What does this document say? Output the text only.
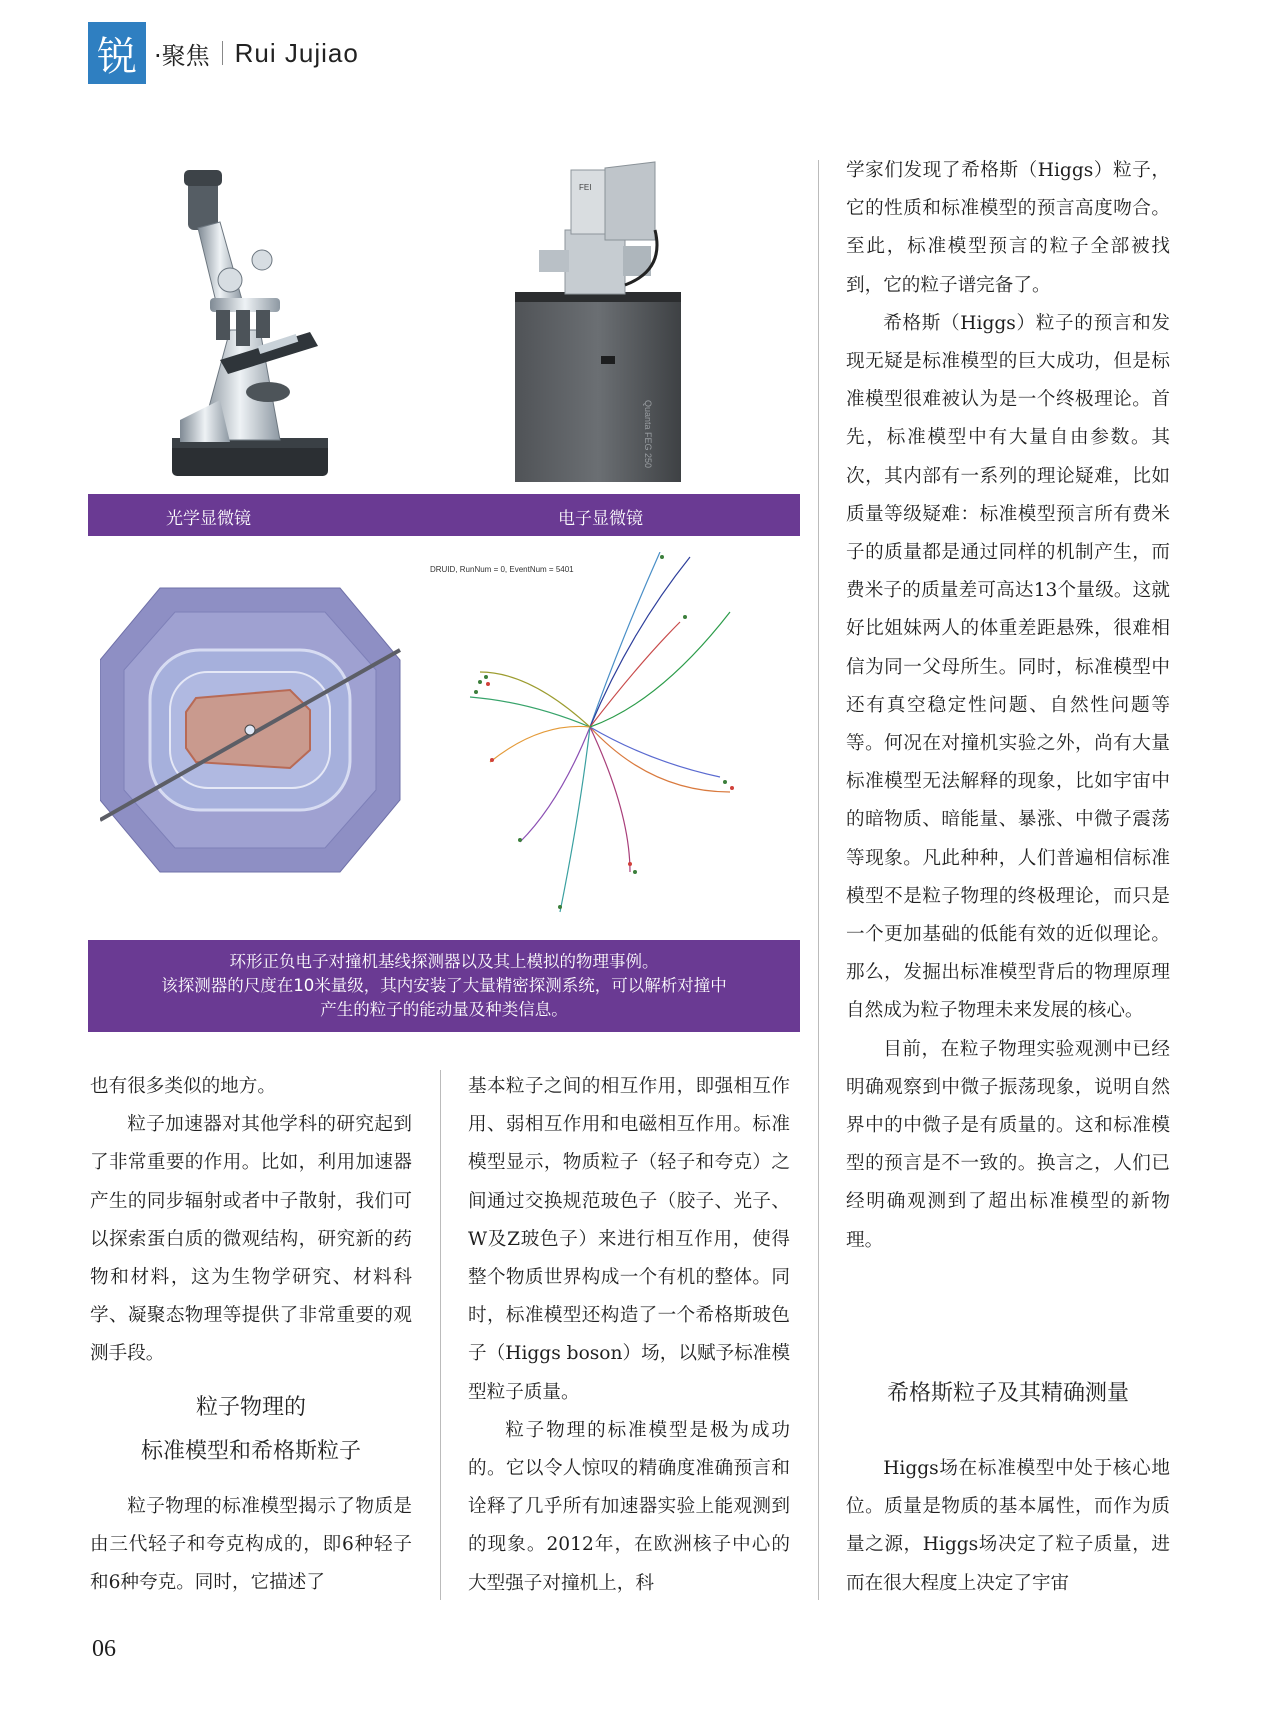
锐 ·聚焦 Rui Jujiao
Quanta FEG 250
FEI
光学显微镜	电子显微镜
DRUID, RunNum = 0, EventNum = 5401
环形正负电子对撞机基线探测器以及其上模拟的物理事例。
该探测器的尺度在10米量级，其内安装了大量精密探测系统，可以解析对撞中
产生的粒子的能动量及种类信息。

也有很多类似的地方。

粒子加速器对其他学科的研究起到了非常重要的作用。比如，利用加速器产生的同步辐射或者中子散射，我们可以探索蛋白质的微观结构，研究新的药物和材料，这为生物学研究、材料科学、凝聚态物理等提供了非常重要的观测手段。

粒子物理的
标准模型和希格斯粒子

粒子物理的标准模型揭示了物质是由三代轻子和夸克构成的，即6种轻子和6种夸克。同时，它描述了

基本粒子之间的相互作用，即强相互作用、弱相互作用和电磁相互作用。标准模型显示，物质粒子（轻子和夸克）之间通过交换规范玻色子（胶子、光子、W及Z玻色子）来进行相互作用，使得整个物质世界构成一个有机的整体。同时，标准模型还构造了一个希格斯玻色子（Higgs boson）场，以赋予标准模型粒子质量。

粒子物理的标准模型是极为成功的。它以令人惊叹的精确度准确预言和诠释了几乎所有加速器实验上能观测到的现象。2012年，在欧洲核子中心的大型强子对撞机上，科

学家们发现了希格斯（Higgs）粒子，它的性质和标准模型的预言高度吻合。至此，标准模型预言的粒子全部被找到，它的粒子谱完备了。

希格斯（Higgs）粒子的预言和发现无疑是标准模型的巨大成功，但是标准模型很难被认为是一个终极理论。首先，标准模型中有大量自由参数。其次，其内部有一系列的理论疑难，比如质量等级疑难：标准模型预言所有费米子的质量都是通过同样的机制产生，而费米子的质量差可高达13个量级。这就好比姐妹两人的体重差距悬殊，很难相信为同一父母所生。同时，标准模型中还有真空稳定性问题、自然性问题等等。何况在对撞机实验之外，尚有大量标准模型无法解释的现象，比如宇宙中的暗物质、暗能量、暴涨、中微子震荡等现象。凡此种种，人们普遍相信标准模型不是粒子物理的终极理论，而只是一个更加基础的低能有效的近似理论。那么，发掘出标准模型背后的物理原理自然成为粒子物理未来发展的核心。

目前，在粒子物理实验观测中已经明确观察到中微子振荡现象，说明自然界中的中微子是有质量的。这和标准模型的预言是不一致的。换言之，人们已经明确观测到了超出标准模型的新物理。

希格斯粒子及其精确测量

Higgs场在标准模型中处于核心地位。质量是物质的基本属性，而作为质量之源，Higgs场决定了粒子质量，进而在很大程度上决定了宇宙

06
